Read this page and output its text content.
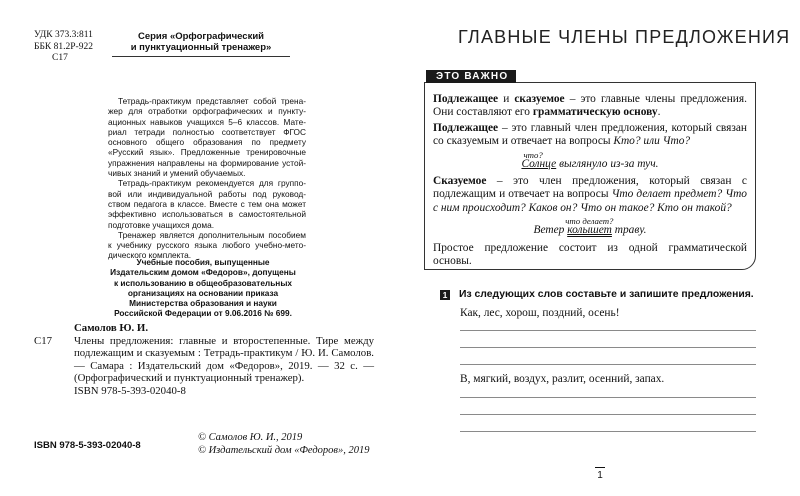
УДК 373.3:811
ББК 81.2Р-922
С17
Серия «Орфографический
и пунктуационный тренажер»

Тетрадь-практикум представляет собой тренажер для отработки орфографических и пунктуационных навыков учащихся 5–6 классов. Материал тетради полностью соответствует ФГОС основного общего образования по предмету «Русский язык». Предложенные тренировочные упражнения направлены на формирование устойчивых знаний и умений обучаемых.

Тетрадь-практикум рекомендуется для групповой или индивидуальной работы под руководством педагога в классе. Вместе с тем она может эффективно использоваться в самостоятельной подготовке учащихся дома.

Тренажер является дополнительным пособием к учебнику русского языка любого учебно-методического комплекта.

Учебные пособия, выпущенные Издательским домом «Федоров», допущены к использованию в общеобразовательных организациях на основании приказа Министерства образования и науки Российской Федерации от 9.06.2016 № 699.
Самолов Ю. И.
С17	Члены предложения: главные и второстепенные. Тире между подлежащим и сказуемым : Тетрадь-практикум / Ю. И. Самолов. — Самара : Издательский дом «Федоров», 2019. — 32 с. — (Орфографический и пунктуационный тренажер).
ISBN 978-5-393-02040-8
ISBN 978-5-393-02040-8
© Самолов Ю. И., 2019
© Издательский дом «Федоров», 2019
ГЛАВНЫЕ ЧЛЕНЫ ПРЕДЛОЖЕНИЯ

Подлежащее и сказуемое – это главные члены предложения. Они составляют его грамматическую основу.

Подлежащее – это главный член предложения, который связан со сказуемым и отвечает на вопросы Кто? или Что?

что?
Солнце выглянуло из-за туч.

Сказуемое – это член предложения, который связан с подлежащим и отвечает на вопросы Что делает предмет? Что с ним происходит? Каков он? Что он такое? Кто он такой?

Ветер
что делает?
колышет траву.

Простое предложение состоит из одной грамматической основы.

ЭТО ВАЖНО
1 Из следующих слов составьте и запишите предложения.
Как, лес, хорош, поздний, осень!
В, мягкий, воздух, разлит, осенний, запах.
1
